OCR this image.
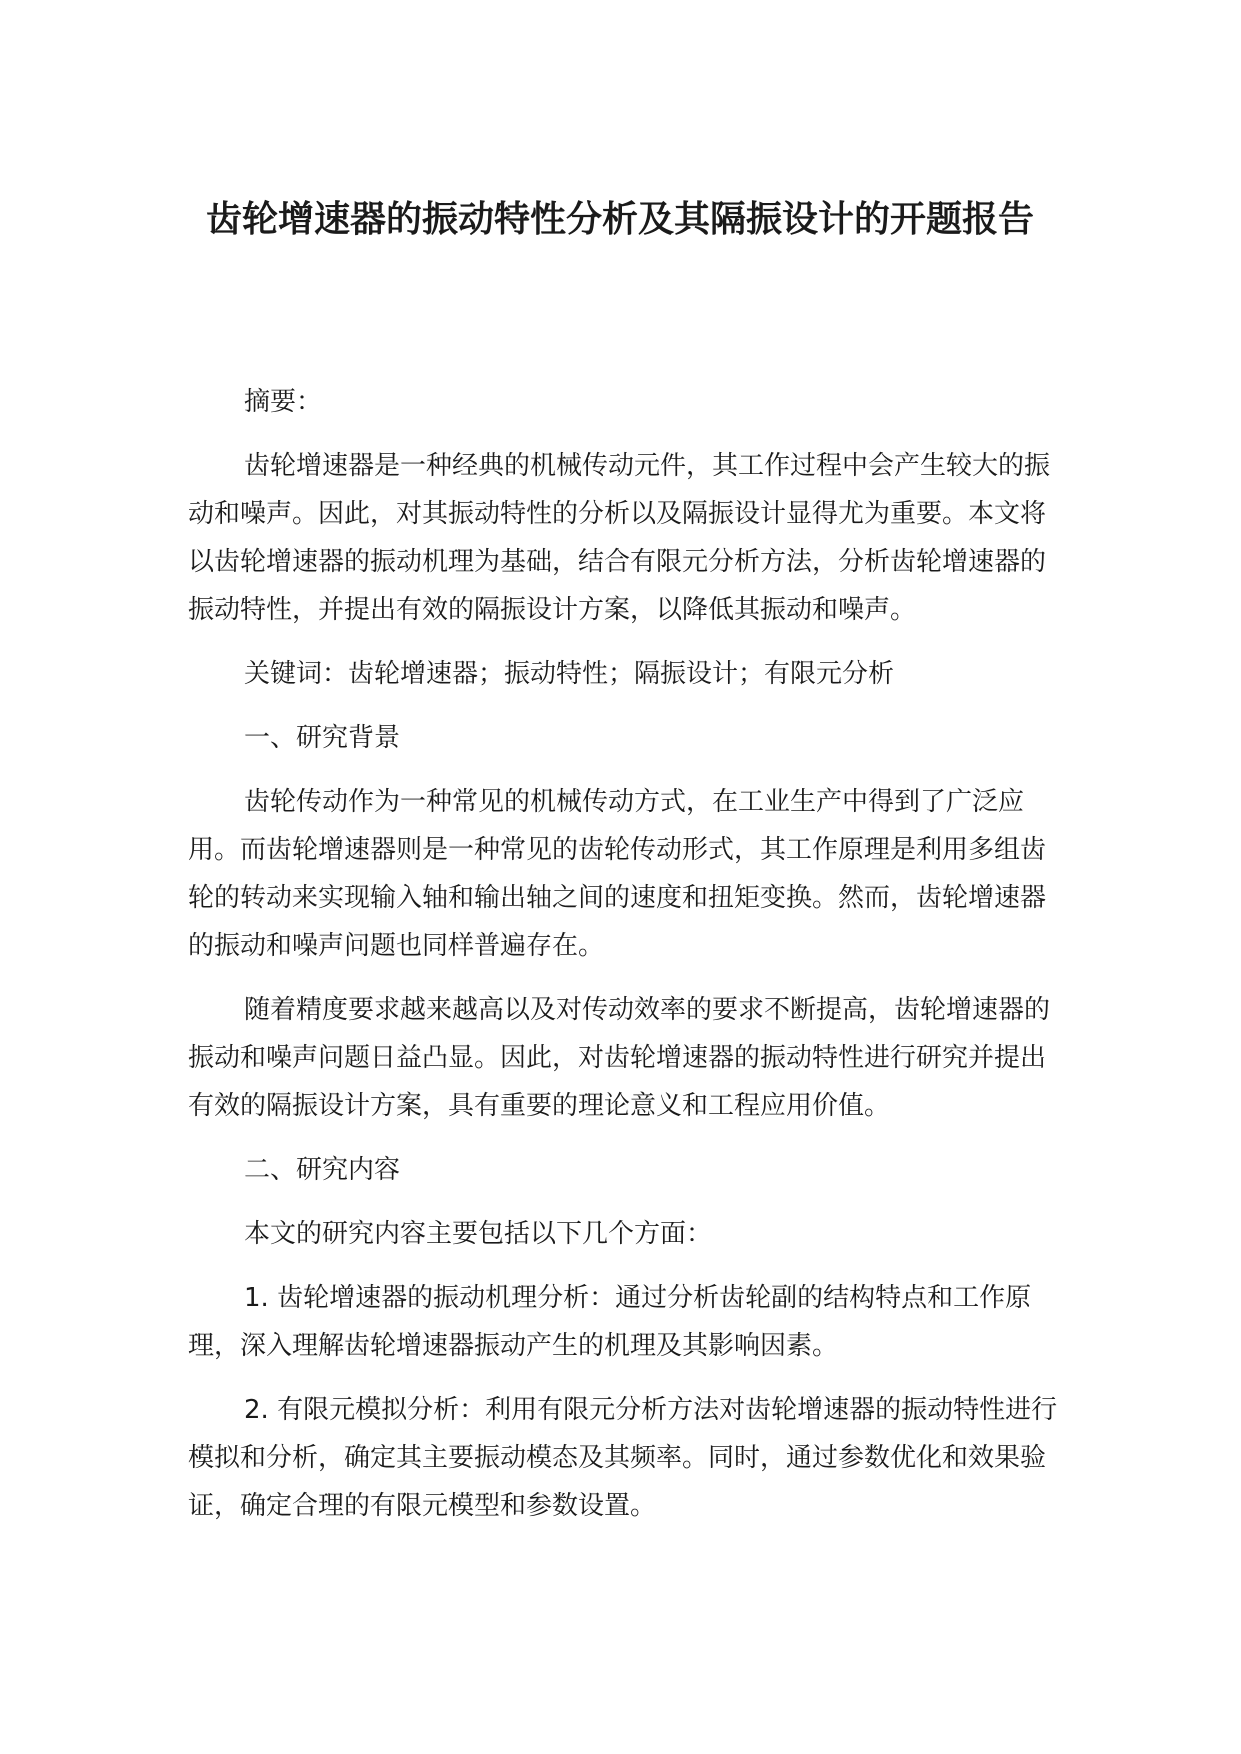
齿轮增速器的振动特性分析及其隔振设计的开题报告

摘要：

齿轮增速器是一种经典的机械传动元件，其工作过程中会产生较大的振动和噪声。因此，对其振动特性的分析以及隔振设计显得尤为重要。本文将以齿轮增速器的振动机理为基础，结合有限元分析方法，分析齿轮增速器的振动特性，并提出有效的隔振设计方案，以降低其振动和噪声。

关键词：齿轮增速器；振动特性；隔振设计；有限元分析

一、研究背景

齿轮传动作为一种常见的机械传动方式，在工业生产中得到了广泛应用。而齿轮增速器则是一种常见的齿轮传动形式，其工作原理是利用多组齿轮的转动来实现输入轴和输出轴之间的速度和扭矩变换。然而，齿轮增速器的振动和噪声问题也同样普遍存在。

随着精度要求越来越高以及对传动效率的要求不断提高，齿轮增速器的振动和噪声问题日益凸显。因此，对齿轮增速器的振动特性进行研究并提出有效的隔振设计方案，具有重要的理论意义和工程应用价值。

二、研究内容

本文的研究内容主要包括以下几个方面：

1. 齿轮增速器的振动机理分析：通过分析齿轮副的结构特点和工作原理，深入理解齿轮增速器振动产生的机理及其影响因素。

2. 有限元模拟分析：利用有限元分析方法对齿轮增速器的振动特性进行模拟和分析，确定其主要振动模态及其频率。同时，通过参数优化和效果验证，确定合理的有限元模型和参数设置。
